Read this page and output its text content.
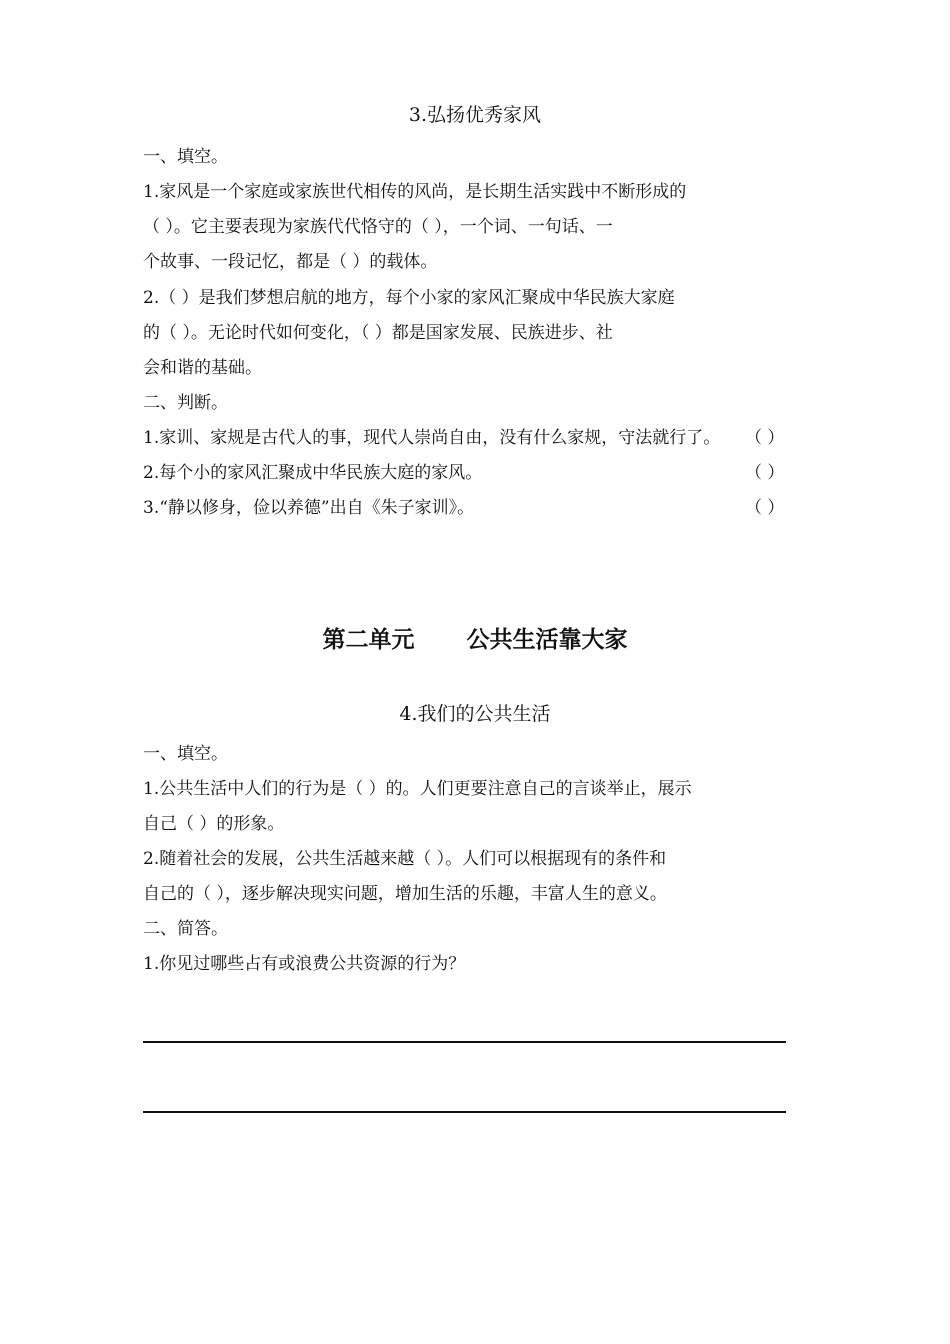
3.弘扬优秀家风
一、填空。
1.家风是一个家庭或家族世代相传的风尚，是长期生活实践中不断形成的
（ ）。它主要表现为家族代代恪守的（ ），一个词、一句话、一
个故事、一段记忆，都是（ ）的载体。
2.（ ）是我们梦想启航的地方，每个小家的家风汇聚成中华民族大家庭
的（ ）。无论时代如何变化，（ ）都是国家发展、民族进步、社
会和谐的基础。
二、判断。
1.家训、家规是古代人的事，现代人崇尚自由，没有什么家规，守法就行了。 （ ）
2.每个小的家风汇聚成中华民族大庭的家风。	（ ）
3.“静以修身，俭以养德”出自《朱子家训》。	（ ）
第二单元 公共生活靠大家
4.我们的公共生活
一、填空。
1.公共生活中人们的行为是（ ）的。人们更要注意自己的言谈举止，展示
自己（ ）的形象。
2.随着社会的发展，公共生活越来越（ ）。人们可以根据现有的条件和
自己的（ ），逐步解决现实问题，增加生活的乐趣，丰富人生的意义。
二、简答。
1.你见过哪些占有或浪费公共资源的行为？
